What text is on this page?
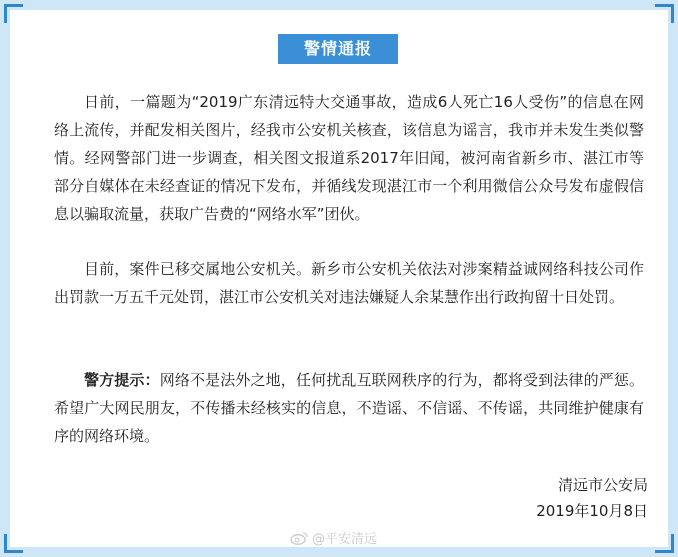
警情通报

日前，一篇题为“2019广东清远特大交通事故，造成6人死亡16人受伤”的信息在网络上流传，并配发相关图片，经我市公安机关核查，该信息为谣言，我市并未发生类似警情。经网警部门进一步调查，相关图文报道系2017年旧闻，被河南省新乡市、湛江市等部分自媒体在未经查证的情况下发布，并循线发现湛江市一个利用微信公众号发布虚假信息以骗取流量，获取广告费的“网络水军”团伙。

目前，案件已移交属地公安机关。新乡市公安机关依法对涉案精益诚网络科技公司作出罚款一万五千元处罚，湛江市公安机关对违法嫌疑人余某慧作出行政拘留十日处罚。

警方提示：网络不是法外之地，任何扰乱互联网秩序的行为，都将受到法律的严惩。希望广大网民朋友，不传播未经核实的信息，不造谣、不信谣、不传谣，共同维护健康有序的网络环境。

清远市公安局
2019年10月8日
@平安清远
